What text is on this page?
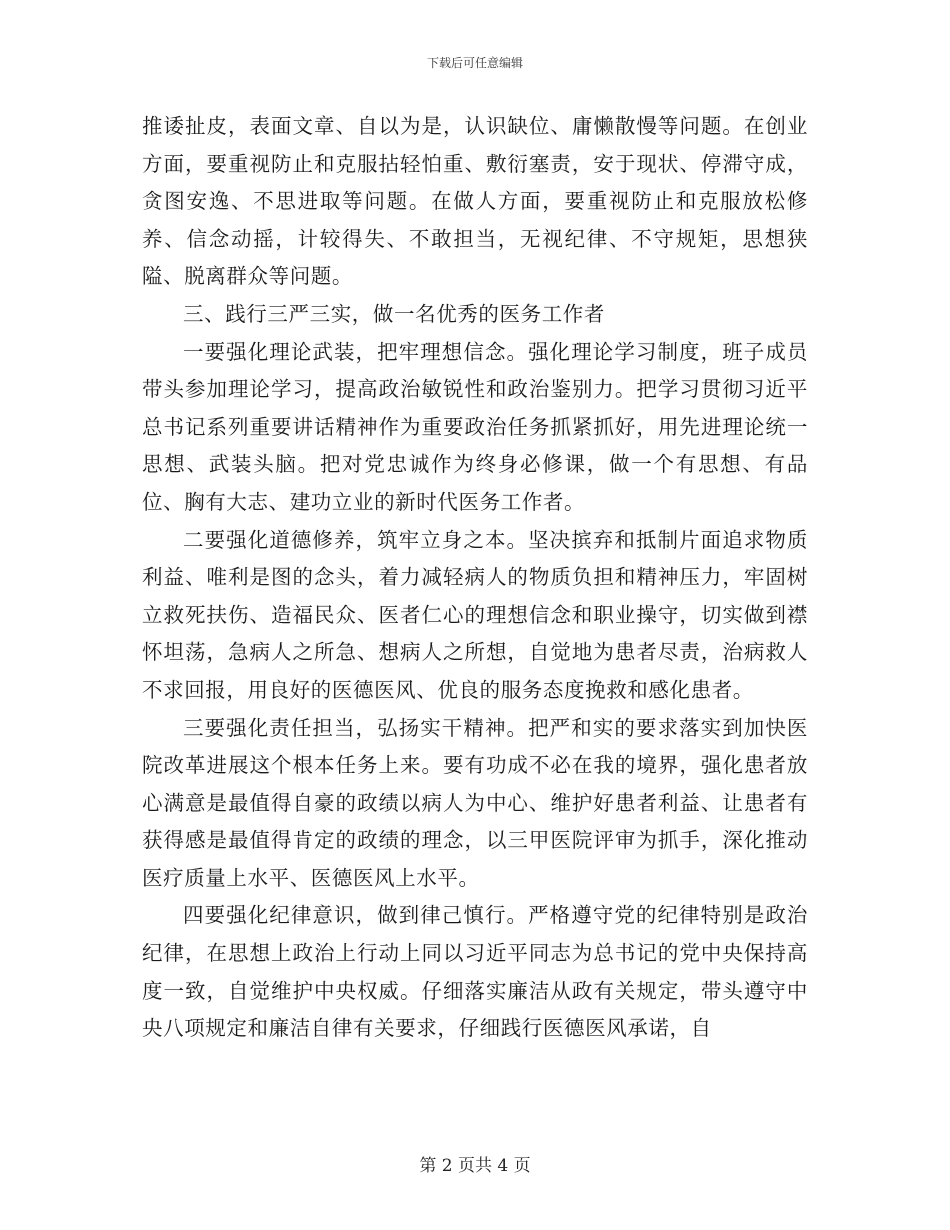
下载后可任意编辑

推诿扯皮，表面文章、自以为是，认识缺位、庸懒散慢等问题。在创业方面，要重视防止和克服拈轻怕重、敷衍塞责，安于现状、停滞守成，贪图安逸、不思进取等问题。在做人方面，要重视防止和克服放松修养、信念动摇，计较得失、不敢担当，无视纪律、不守规矩，思想狭隘、脱离群众等问题。

三、践行三严三实，做一名优秀的医务工作者

一要强化理论武装，把牢理想信念。强化理论学习制度，班子成员带头参加理论学习，提高政治敏锐性和政治鉴别力。把学习贯彻习近平总书记系列重要讲话精神作为重要政治任务抓紧抓好，用先进理论统一思想、武装头脑。把对党忠诚作为终身必修课，做一个有思想、有品位、胸有大志、建功立业的新时代医务工作者。

二要强化道德修养，筑牢立身之本。坚决摈弃和抵制片面追求物质利益、唯利是图的念头，着力减轻病人的物质负担和精神压力，牢固树立救死扶伤、造福民众、医者仁心的理想信念和职业操守，切实做到襟怀坦荡，急病人之所急、想病人之所想，自觉地为患者尽责，治病救人不求回报，用良好的医德医风、优良的服务态度挽救和感化患者。

三要强化责任担当，弘扬实干精神。把严和实的要求落实到加快医院改革进展这个根本任务上来。要有功成不必在我的境界，强化患者放心满意是最值得自豪的政绩以病人为中心、维护好患者利益、让患者有获得感是最值得肯定的政绩的理念，以三甲医院评审为抓手，深化推动医疗质量上水平、医德医风上水平。

四要强化纪律意识，做到律己慎行。严格遵守党的纪律特别是政治纪律，在思想上政治上行动上同以习近平同志为总书记的党中央保持高度一致，自觉维护中央权威。仔细落实廉洁从政有关规定，带头遵守中央八项规定和廉洁自律有关要求，仔细践行医德医风承诺，自

第 2 页共 4 页
